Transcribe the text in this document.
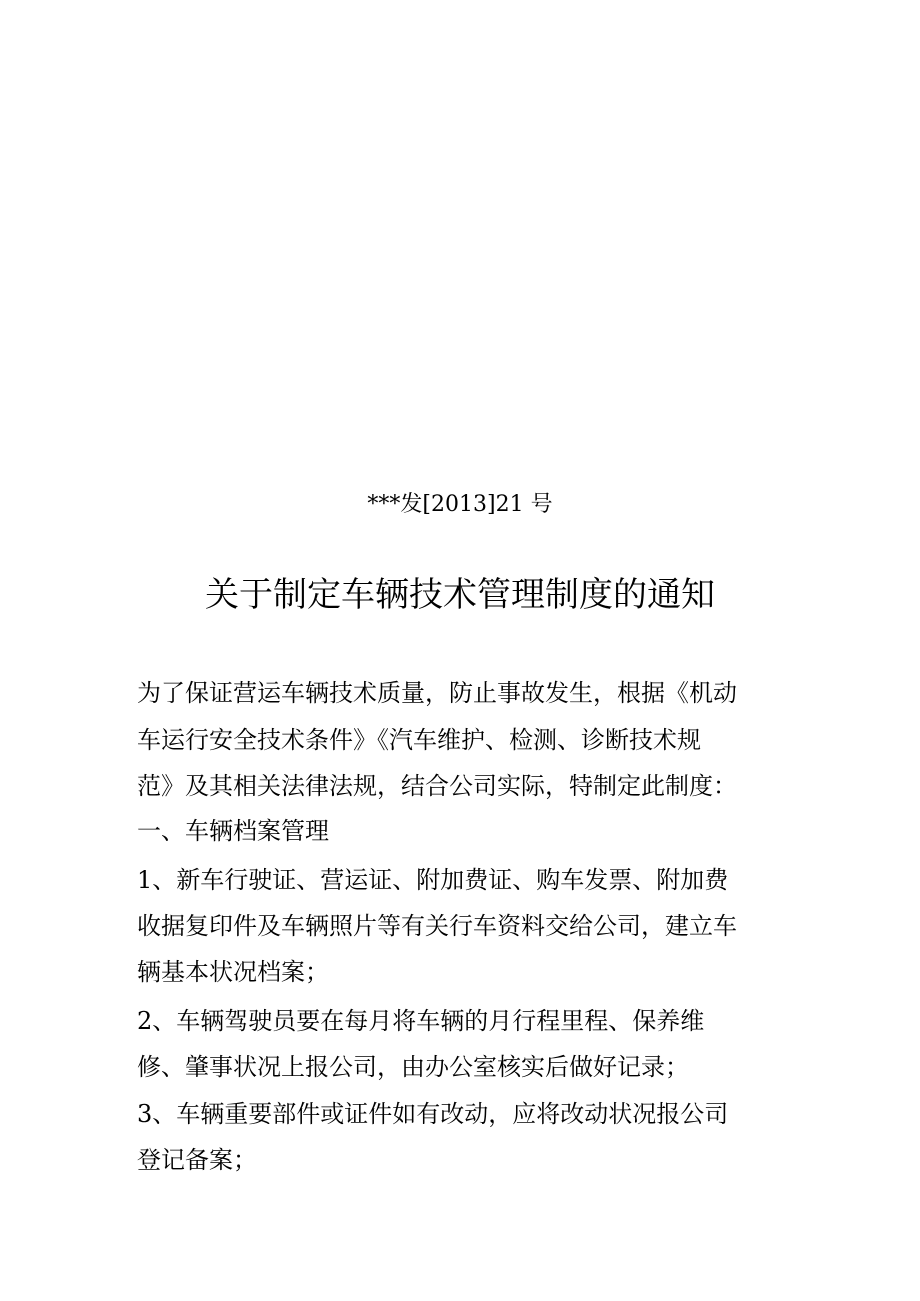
***发[2013]21 号
关于制定车辆技术管理制度的通知
为了保证营运车辆技术质量，防止事故发生，根据《机动
车运行安全技术条件》《汽车维护、检测、诊断技术规
范》及其相关法律法规，结合公司实际，特制定此制度：
一、车辆档案管理
1、新车行驶证、营运证、附加费证、购车发票、附加费
收据复印件及车辆照片等有关行车资料交给公司，建立车
辆基本状况档案；
2、车辆驾驶员要在每月将车辆的月行程里程、保养维
修、肇事状况上报公司，由办公室核实后做好记录；
3、车辆重要部件或证件如有改动，应将改动状况报公司
登记备案；
